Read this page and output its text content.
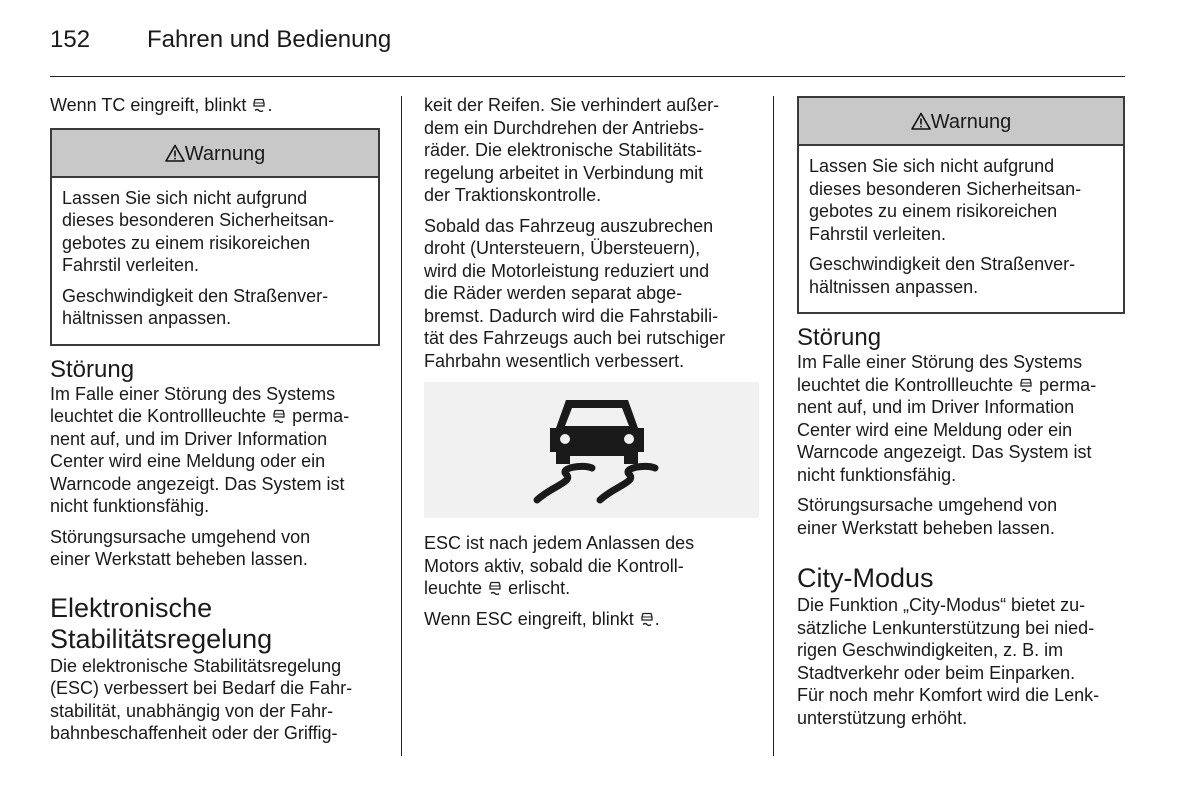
152 Fahren und Bedienung

Wenn TC eingreift, blinkt .

Warnung

Lassen Sie sich nicht aufgrund
dieses besonderen Sicherheitsan-
gebotes zu einem risikoreichen
Fahrstil verleiten.

Geschwindigkeit den Straßenver-
hältnissen anpassen.

Störung

Im Falle einer Störung des Systems
leuchtet die Kontrollleuchte perma-
nent auf, und im Driver Information
Center wird eine Meldung oder ein
Warncode angezeigt. Das System ist
nicht funktionsfähig.

Störungsursache umgehend von
einer Werkstatt beheben lassen.

Elektronische
Stabilitätsregelung

Die elektronische Stabilitätsregelung
(ESC) verbessert bei Bedarf die Fahr-
stabilität, unabhängig von der Fahr-
bahnbeschaffenheit oder der Griffig-

keit der Reifen. Sie verhindert außer-
dem ein Durchdrehen der Antriebs-
räder. Die elektronische Stabilitäts-
regelung arbeitet in Verbindung mit
der Traktionskontrolle.

Sobald das Fahrzeug auszubrechen
droht (Untersteuern, Übersteuern),
wird die Motorleistung reduziert und
die Räder werden separat abge-
bremst. Dadurch wird die Fahrstabili-
tät des Fahrzeugs auch bei rutschiger
Fahrbahn wesentlich verbessert.

ESC ist nach jedem Anlassen des
Motors aktiv, sobald die Kontroll-
leuchte erlischt.

Wenn ESC eingreift, blinkt .

Warnung

Lassen Sie sich nicht aufgrund
dieses besonderen Sicherheitsan-
gebotes zu einem risikoreichen
Fahrstil verleiten.

Geschwindigkeit den Straßenver-
hältnissen anpassen.

Störung

Im Falle einer Störung des Systems
leuchtet die Kontrollleuchte perma-
nent auf, und im Driver Information
Center wird eine Meldung oder ein
Warncode angezeigt. Das System ist
nicht funktionsfähig.

Störungsursache umgehend von
einer Werkstatt beheben lassen.

City-Modus

Die Funktion „City-Modus“ bietet zu-
sätzliche Lenkunterstützung bei nied-
rigen Geschwindigkeiten, z. B. im
Stadtverkehr oder beim Einparken.
Für noch mehr Komfort wird die Lenk-
unterstützung erhöht.
